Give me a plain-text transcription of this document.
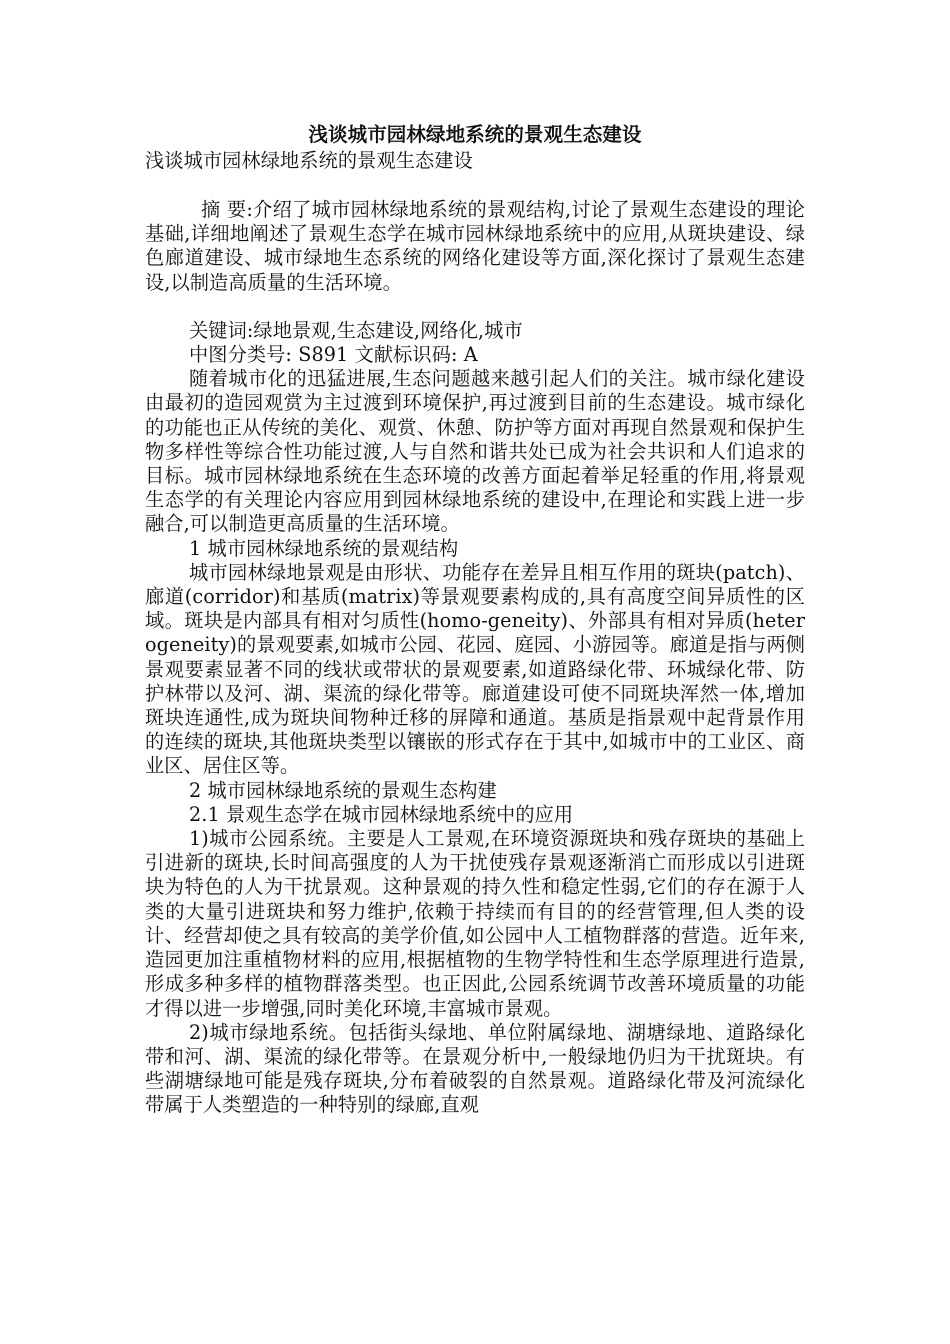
浅谈城市园林绿地系统的景观生态建设
浅谈城市园林绿地系统的景观生态建设

摘 要:介绍了城市园林绿地系统的景观结构,讨论了景观生态建设的理论基础,详细地阐述了景观生态学在城市园林绿地系统中的应用,从斑块建设、绿色廊道建设、城市绿地生态系统的网络化建设等方面,深化探讨了景观生态建设,以制造高质量的生活环境。

关键词:绿地景观,生态建设,网络化,城市
中图分类号: S891 文献标识码: A

随着城市化的迅猛进展,生态问题越来越引起人们的关注。城市绿化建设由最初的造园观赏为主过渡到环境保护,再过渡到目前的生态建设。城市绿化的功能也正从传统的美化、观赏、休憩、防护等方面对再现自然景观和保护生物多样性等综合性功能过渡,人与自然和谐共处已成为社会共识和人们追求的目标。城市园林绿地系统在生态环境的改善方面起着举足轻重的作用,将景观生态学的有关理论内容应用到园林绿地系统的建设中,在理论和实践上进一步融合,可以制造更高质量的生活环境。

1 城市园林绿地系统的景观结构

城市园林绿地景观是由形状、功能存在差异且相互作用的斑块(patch)、廊道(corridor)和基质(matrix)等景观要素构成的,具有高度空间异质性的区域。斑块是内部具有相对匀质性(homo-geneity)、外部具有相对异质(heterogeneity)的景观要素,如城市公园、花园、庭园、小游园等。廊道是指与两侧景观要素显著不同的线状或带状的景观要素,如道路绿化带、环城绿化带、防护林带以及河、湖、渠流的绿化带等。廊道建设可使不同斑块浑然一体,增加斑块连通性,成为斑块间物种迁移的屏障和通道。基质是指景观中起背景作用的连续的斑块,其他斑块类型以镶嵌的形式存在于其中,如城市中的工业区、商业区、居住区等。

2 城市园林绿地系统的景观生态构建
2.1 景观生态学在城市园林绿地系统中的应用

1)城市公园系统。主要是人工景观,在环境资源斑块和残存斑块的基础上引进新的斑块,长时间高强度的人为干扰使残存景观逐渐消亡而形成以引进斑块为特色的人为干扰景观。这种景观的持久性和稳定性弱,它们的存在源于人类的大量引进斑块和努力维护,依赖于持续而有目的的经营管理,但人类的设计、经营却使之具有较高的美学价值,如公园中人工植物群落的营造。近年来,造园更加注重植物材料的应用,根据植物的生物学特性和生态学原理进行造景,形成多种多样的植物群落类型。也正因此,公园系统调节改善环境质量的功能才得以进一步增强,同时美化环境,丰富城市景观。

2)城市绿地系统。包括街头绿地、单位附属绿地、湖塘绿地、道路绿化带和河、湖、渠流的绿化带等。在景观分析中,一般绿地仍归为干扰斑块。有些湖塘绿地可能是残存斑块,分布着破裂的自然景观。道路绿化带及河流绿化带属于人类塑造的一种特别的绿廊,直观
